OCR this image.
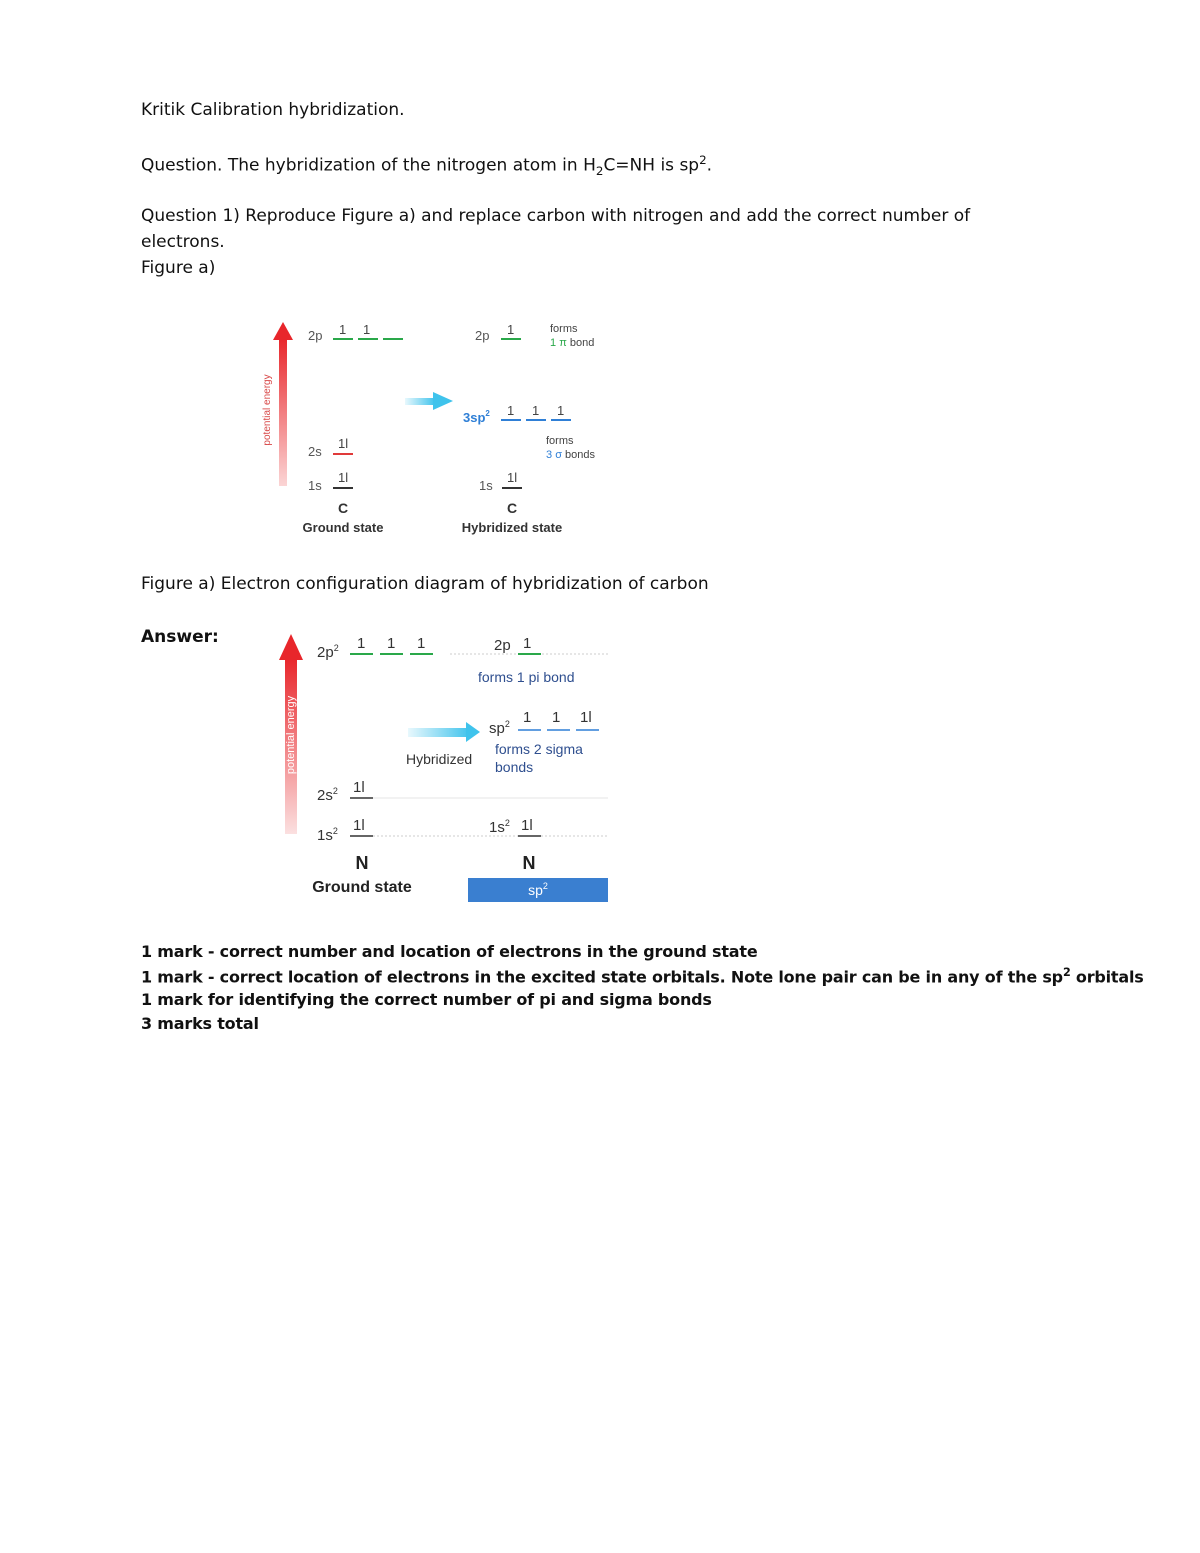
Kritik Calibration hybridization.
Question. The hybridization of the nitrogen atom in $H_2C=NH$ is $sp^2$.
Question 1) Reproduce Figure a) and replace carbon with nitrogen and add the correct number of
electrons.
Figure a)
potential energy
2p 1 1
2s
1l
1s
1l
C
Ground state
2p 1	forms
1 π bond
$3sp^2$ 1 1 1
forms
3 σ bonds
1s
1l
C
Hybridized state
Figure a) Electron configuration diagram of hybridization of carbon
Answer:
potential energy
$2p^2$ 1 1 1
$2s^2$ 1l
$1s^2$ 1l
N
Ground state
2p 1
forms 1 pi bond
Hybridized
$sp^2$ 1 1 1l
forms 2 sigma
bonds
$1s^2$ 1l
N
$sp^2$
1 mark - correct number and location of electrons in the ground state
1 mark - correct location of electrons in the excited state orbitals. Note lone pair can be in any of the $sp^2$ orbitals
1 mark for identifying the correct number of pi and sigma bonds
3 marks total
